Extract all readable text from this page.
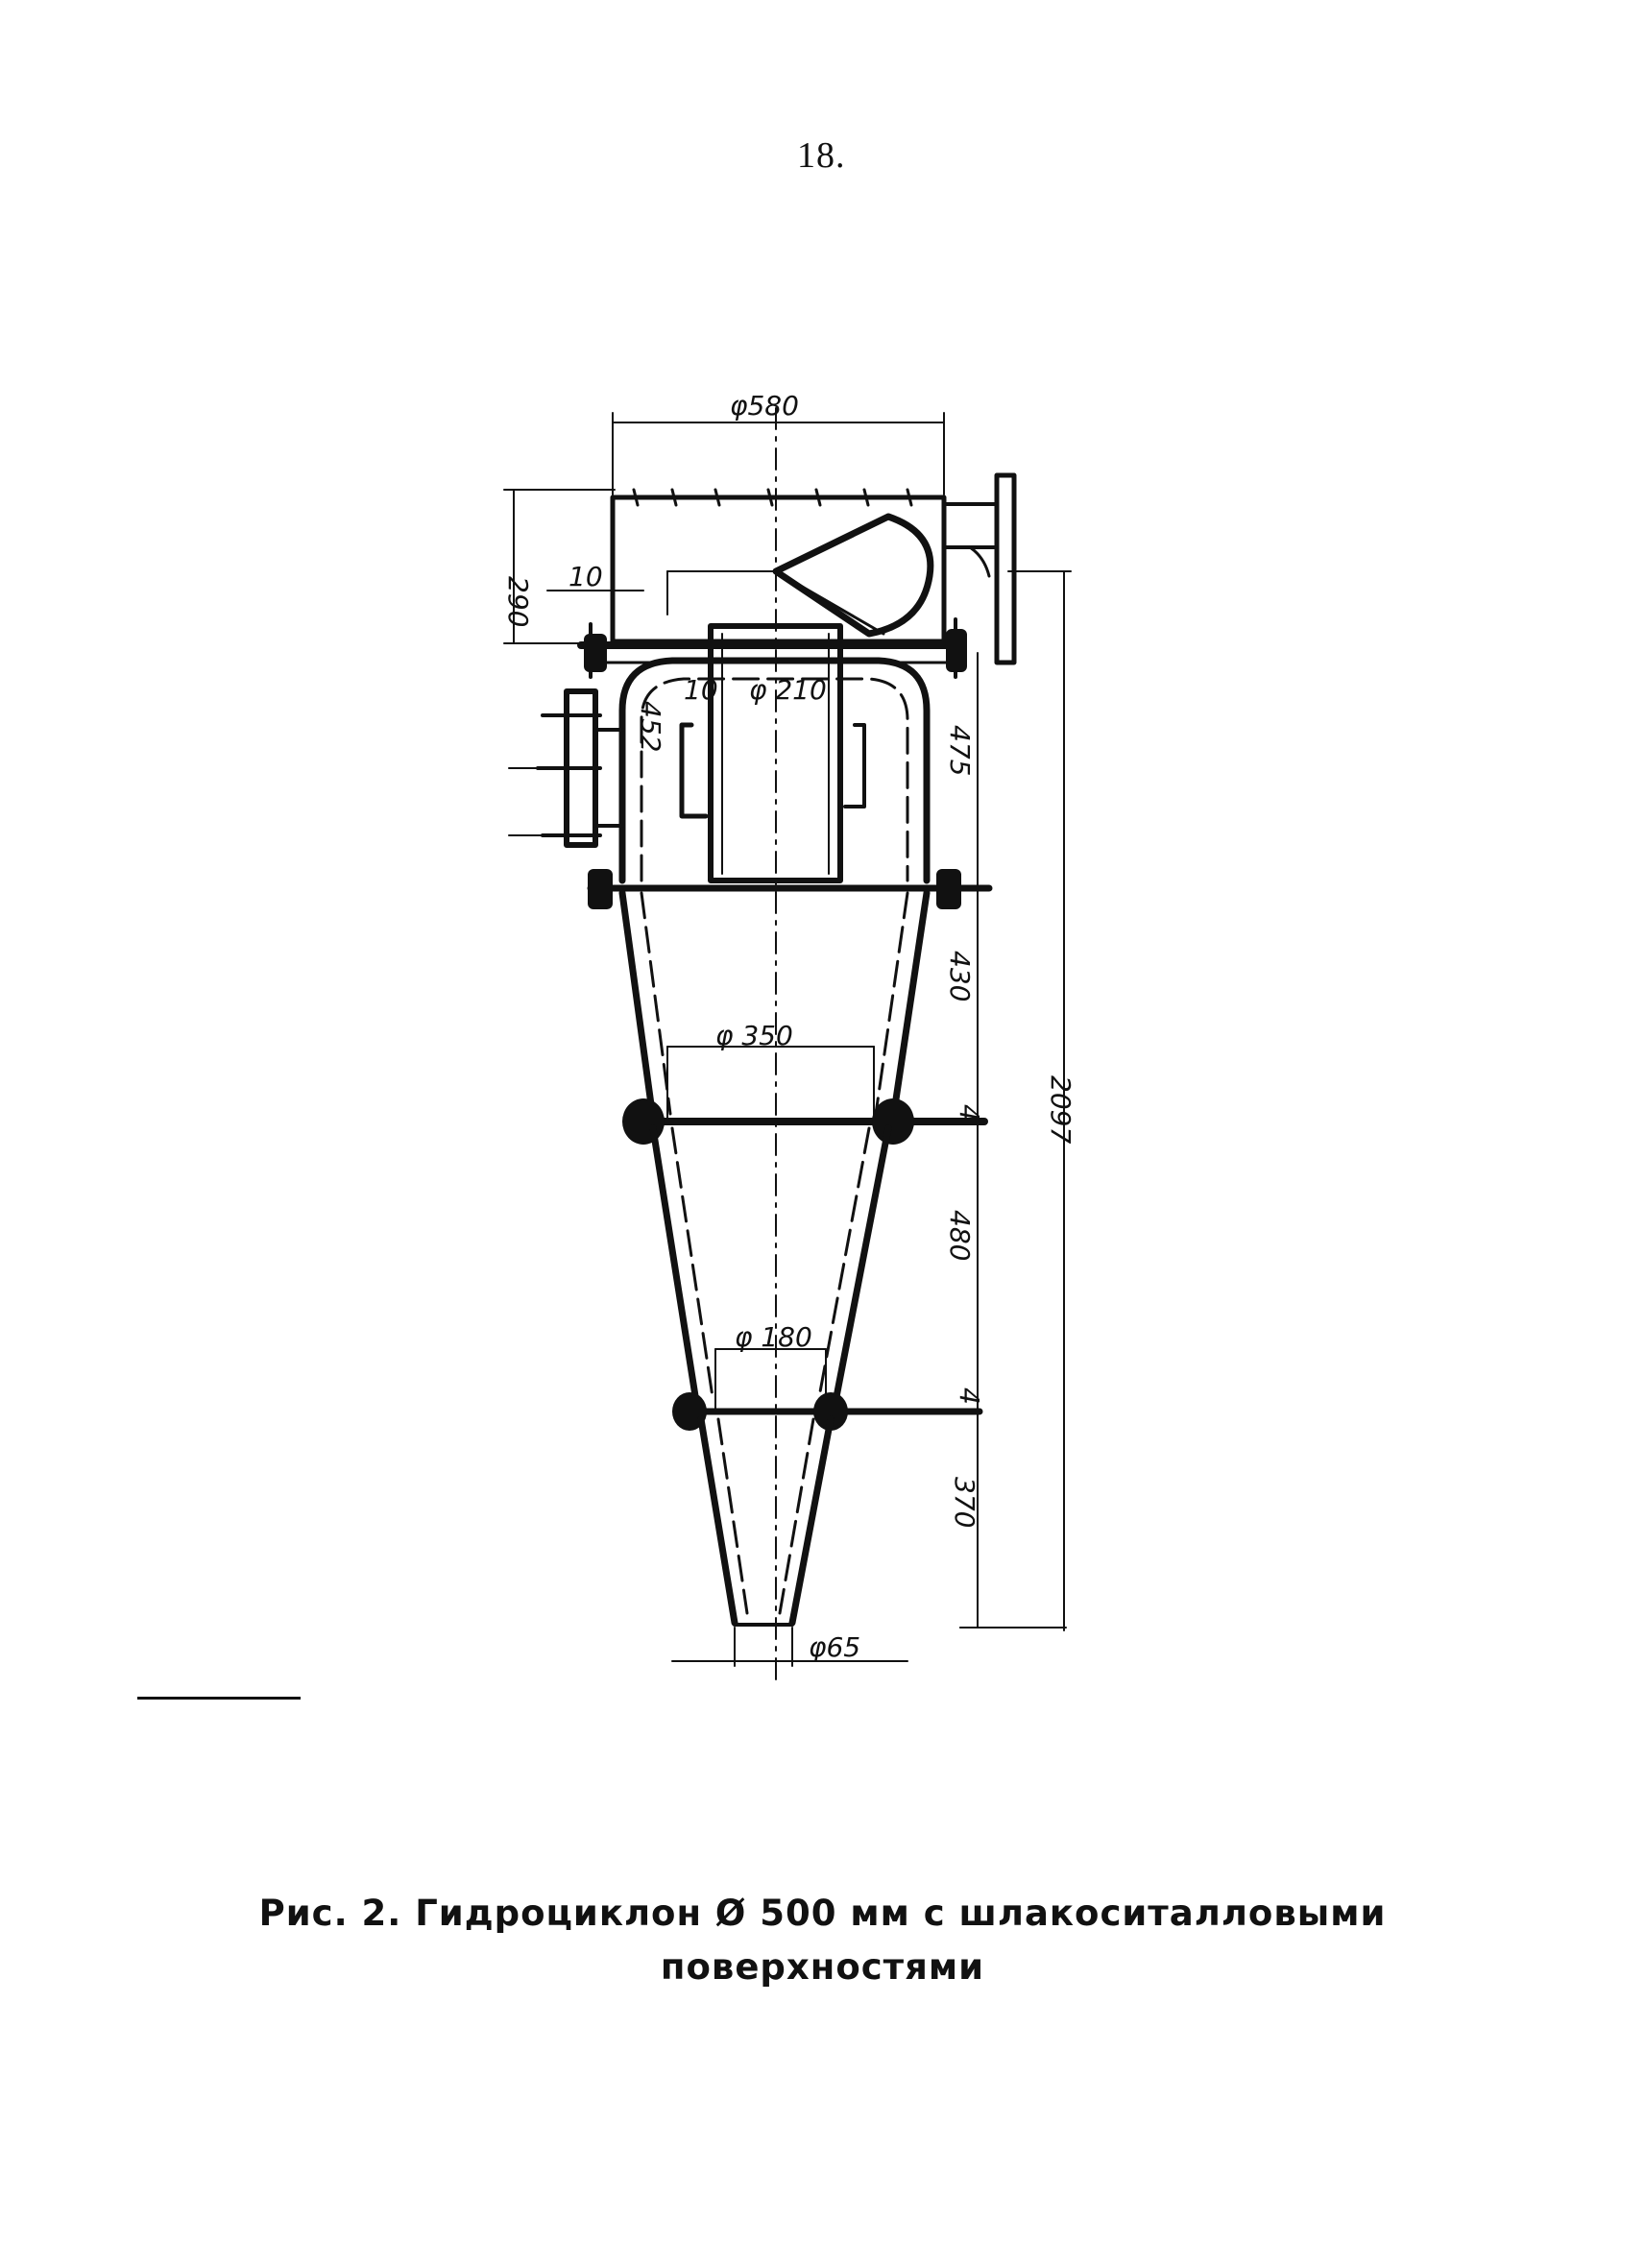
18.
φ580
290 10
10 φ 210
452	475
430
φ 350
4
480
φ 180
4
370
2097
φ65
Рис. 2. Гидроциклон Ø 500 мм с шлакоситалловыми
поверхностями
